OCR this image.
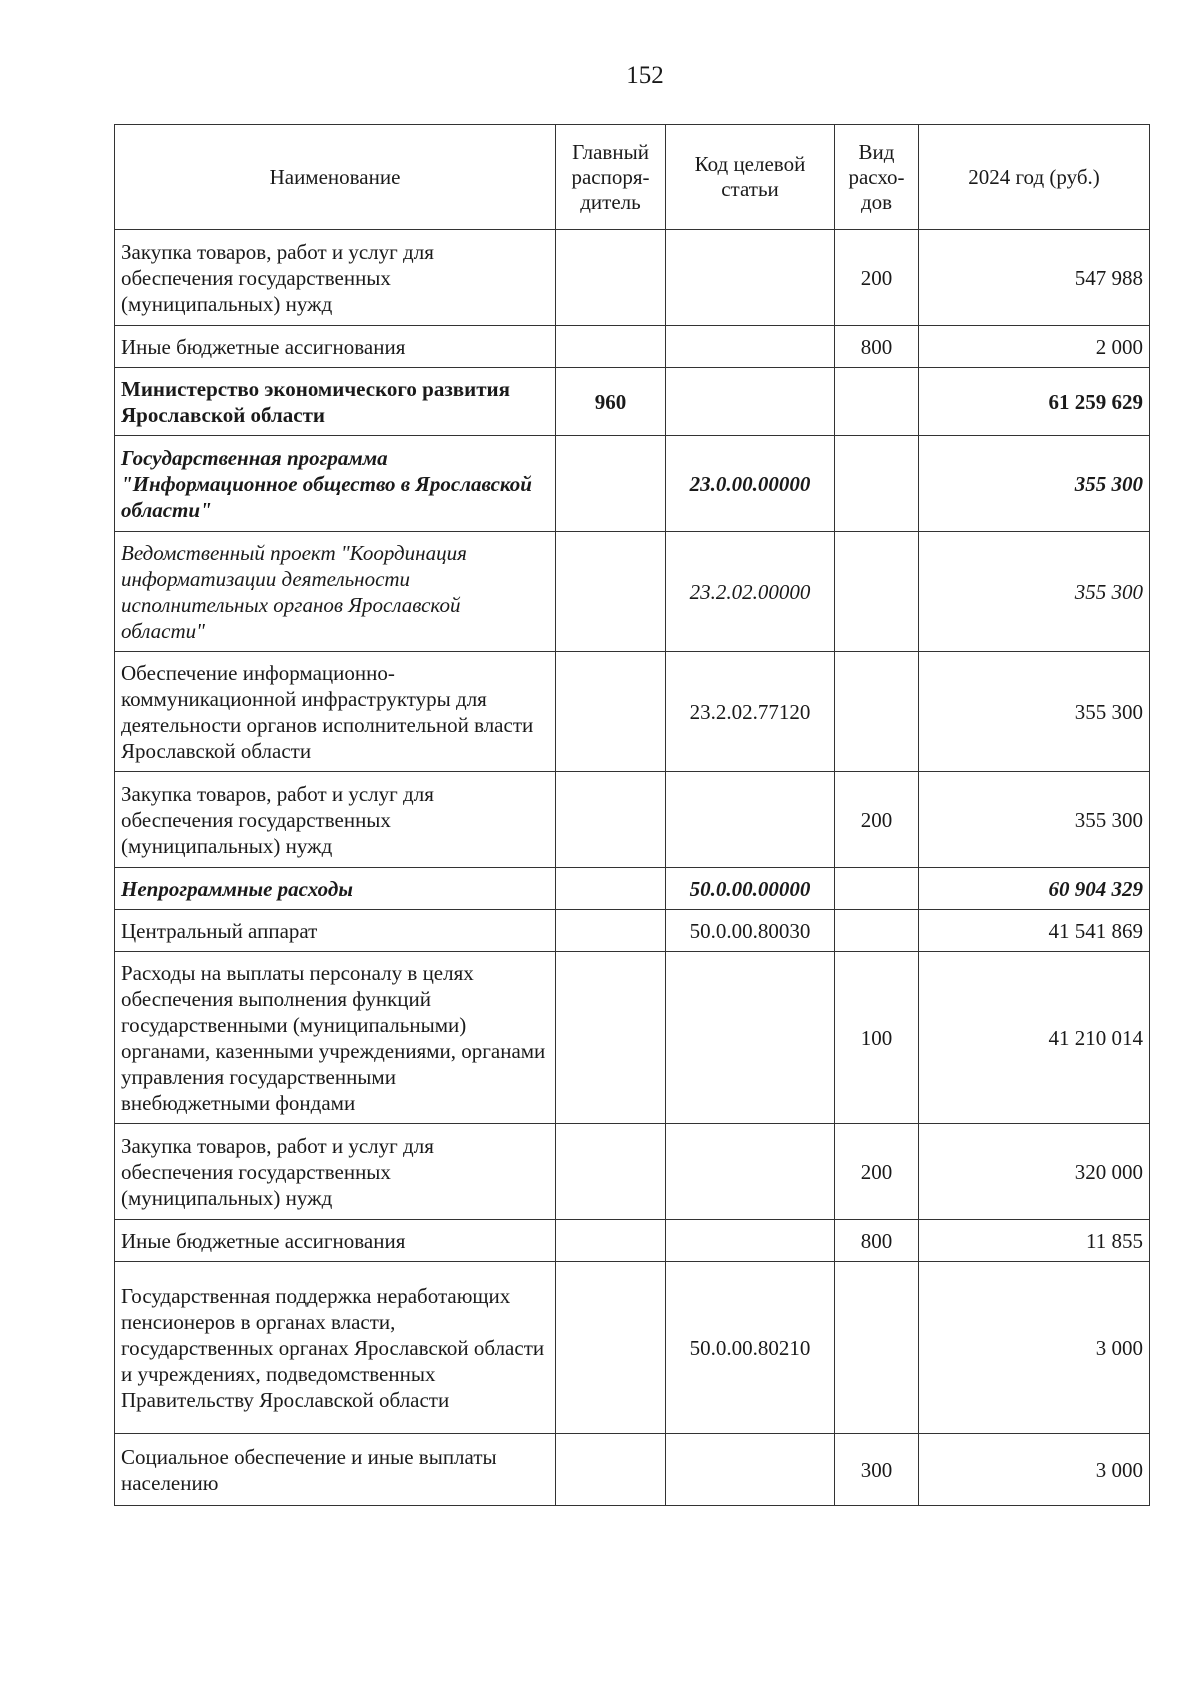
152
Наименование	Главный распоря-дитель	Код целевой статьи	Вид расхо-дов	2024 год (руб.)
Закупка товаров, работ и услуг для обеспечения государственных (муниципальных) нужд			200	547 988
Иные бюджетные ассигнования			800	2 000
Министерство экономического развития Ярославской области	960			61 259 629
Государственная программа "Информационное общество в Ярославской области"		23.0.00.00000		355 300
Ведомственный проект "Координация информатизации деятельности исполнительных органов Ярославской области"		23.2.02.00000		355 300
Обеспечение информационно-коммуникационной инфраструктуры для деятельности органов исполнительной власти Ярославской области		23.2.02.77120		355 300
Закупка товаров, работ и услуг для обеспечения государственных (муниципальных) нужд			200	355 300
Непрограммные расходы		50.0.00.00000		60 904 329
Центральный аппарат		50.0.00.80030		41 541 869
Расходы на выплаты персоналу в целях обеспечения выполнения функций государственными (муниципальными) органами, казенными учреждениями, органами управления государственными внебюджетными фондами			100	41 210 014
Закупка товаров, работ и услуг для обеспечения государственных (муниципальных) нужд			200	320 000
Иные бюджетные ассигнования			800	11 855
Государственная поддержка неработающих пенсионеров в органах власти, государственных органах Ярославской области и учреждениях, подведомственных Правительству Ярославской области		50.0.00.80210		3 000
Социальное обеспечение и иные выплаты населению			300	3 000
